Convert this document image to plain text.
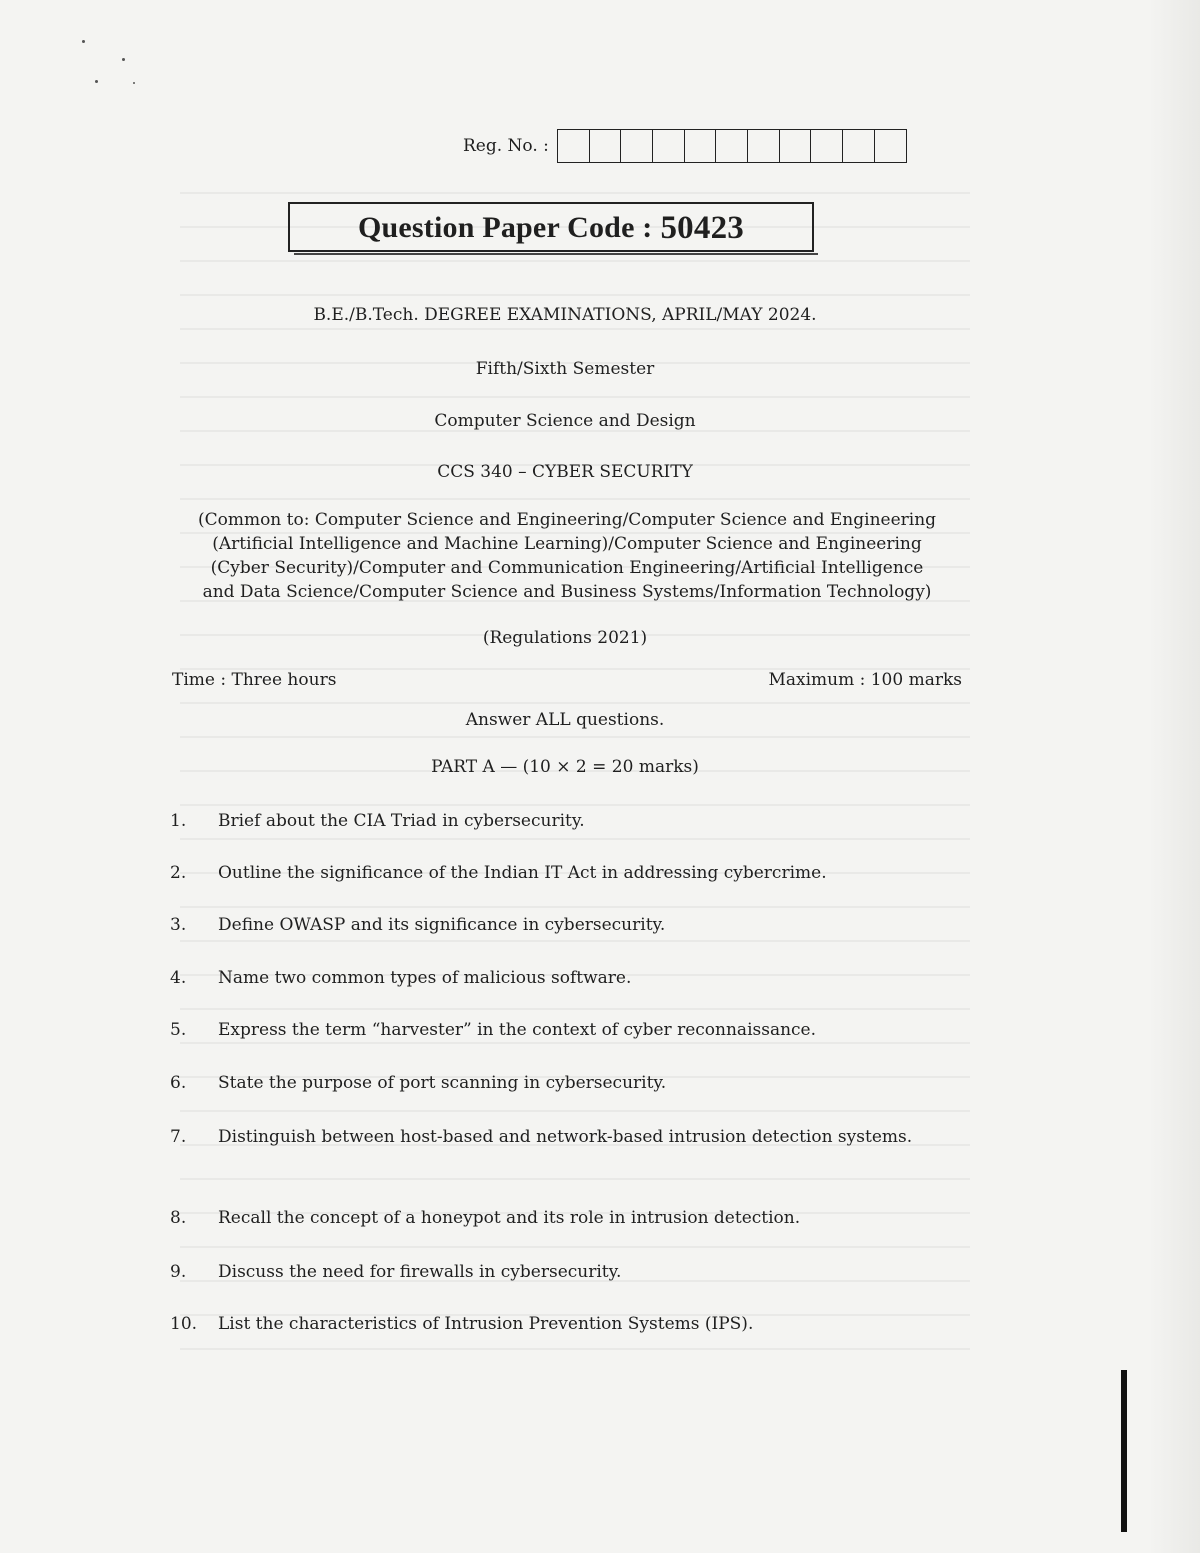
Reg. No. :
Question Paper Code : 50423
B.E./B.Tech. DEGREE EXAMINATIONS, APRIL/MAY 2024.
Fifth/Sixth Semester
Computer Science and Design
CCS 340 – CYBER SECURITY
(Common to: Computer Science and Engineering/Computer Science and Engineering
(Artificial Intelligence and Machine Learning)/Computer Science and Engineering
(Cyber Security)/Computer and Communication Engineering/Artificial Intelligence
and Data Science/Computer Science and Business Systems/Information Technology)
(Regulations 2021)
Time : Three hours	Maximum : 100 marks
Answer ALL questions.
PART A — (10 × 2 = 20 marks)
1.	Brief about the CIA Triad in cybersecurity.
2.	Outline the significance of the Indian IT Act in addressing cybercrime.
3.	Define OWASP and its significance in cybersecurity.
4.	Name two common types of malicious software.
5.	Express the term “harvester” in the context of cyber reconnaissance.
6.	State the purpose of port scanning in cybersecurity.
7.	Distinguish between host-based and network-based intrusion detection systems.
8.	Recall the concept of a honeypot and its role in intrusion detection.
9.	Discuss the need for firewalls in cybersecurity.
10.	List the characteristics of Intrusion Prevention Systems (IPS).
